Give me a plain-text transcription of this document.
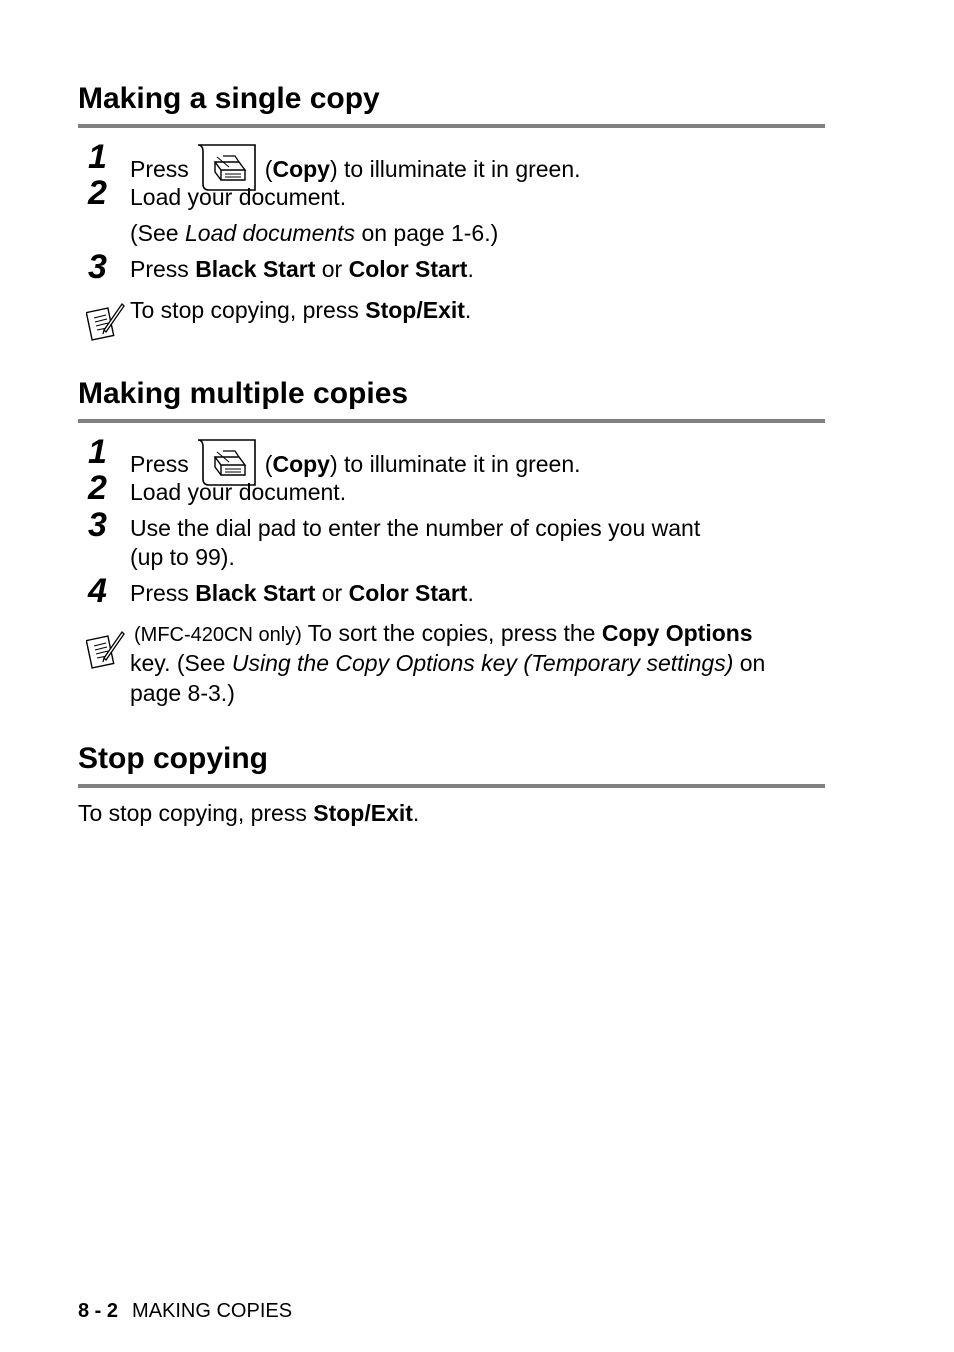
Making a single copy
1 Press	(Copy) to illuminate it in green.
2 Load your document.
(See Load documents on page 1-6.)
3 Press Black Start or Color Start.
To stop copying, press Stop/Exit.
Making multiple copies
1 Press	(Copy) to illuminate it in green.
2 Load your document.
3 Use the dial pad to enter the number of copies you want
(up to 99).
4 Press Black Start or Color Start.
(MFC-420CN only) To sort the copies, press the Copy Options
key. (See Using the Copy Options key (Temporary settings) on
page 8-3.)
Stop copying
To stop copying, press Stop/Exit.
8 - 2 MAKING COPIES
